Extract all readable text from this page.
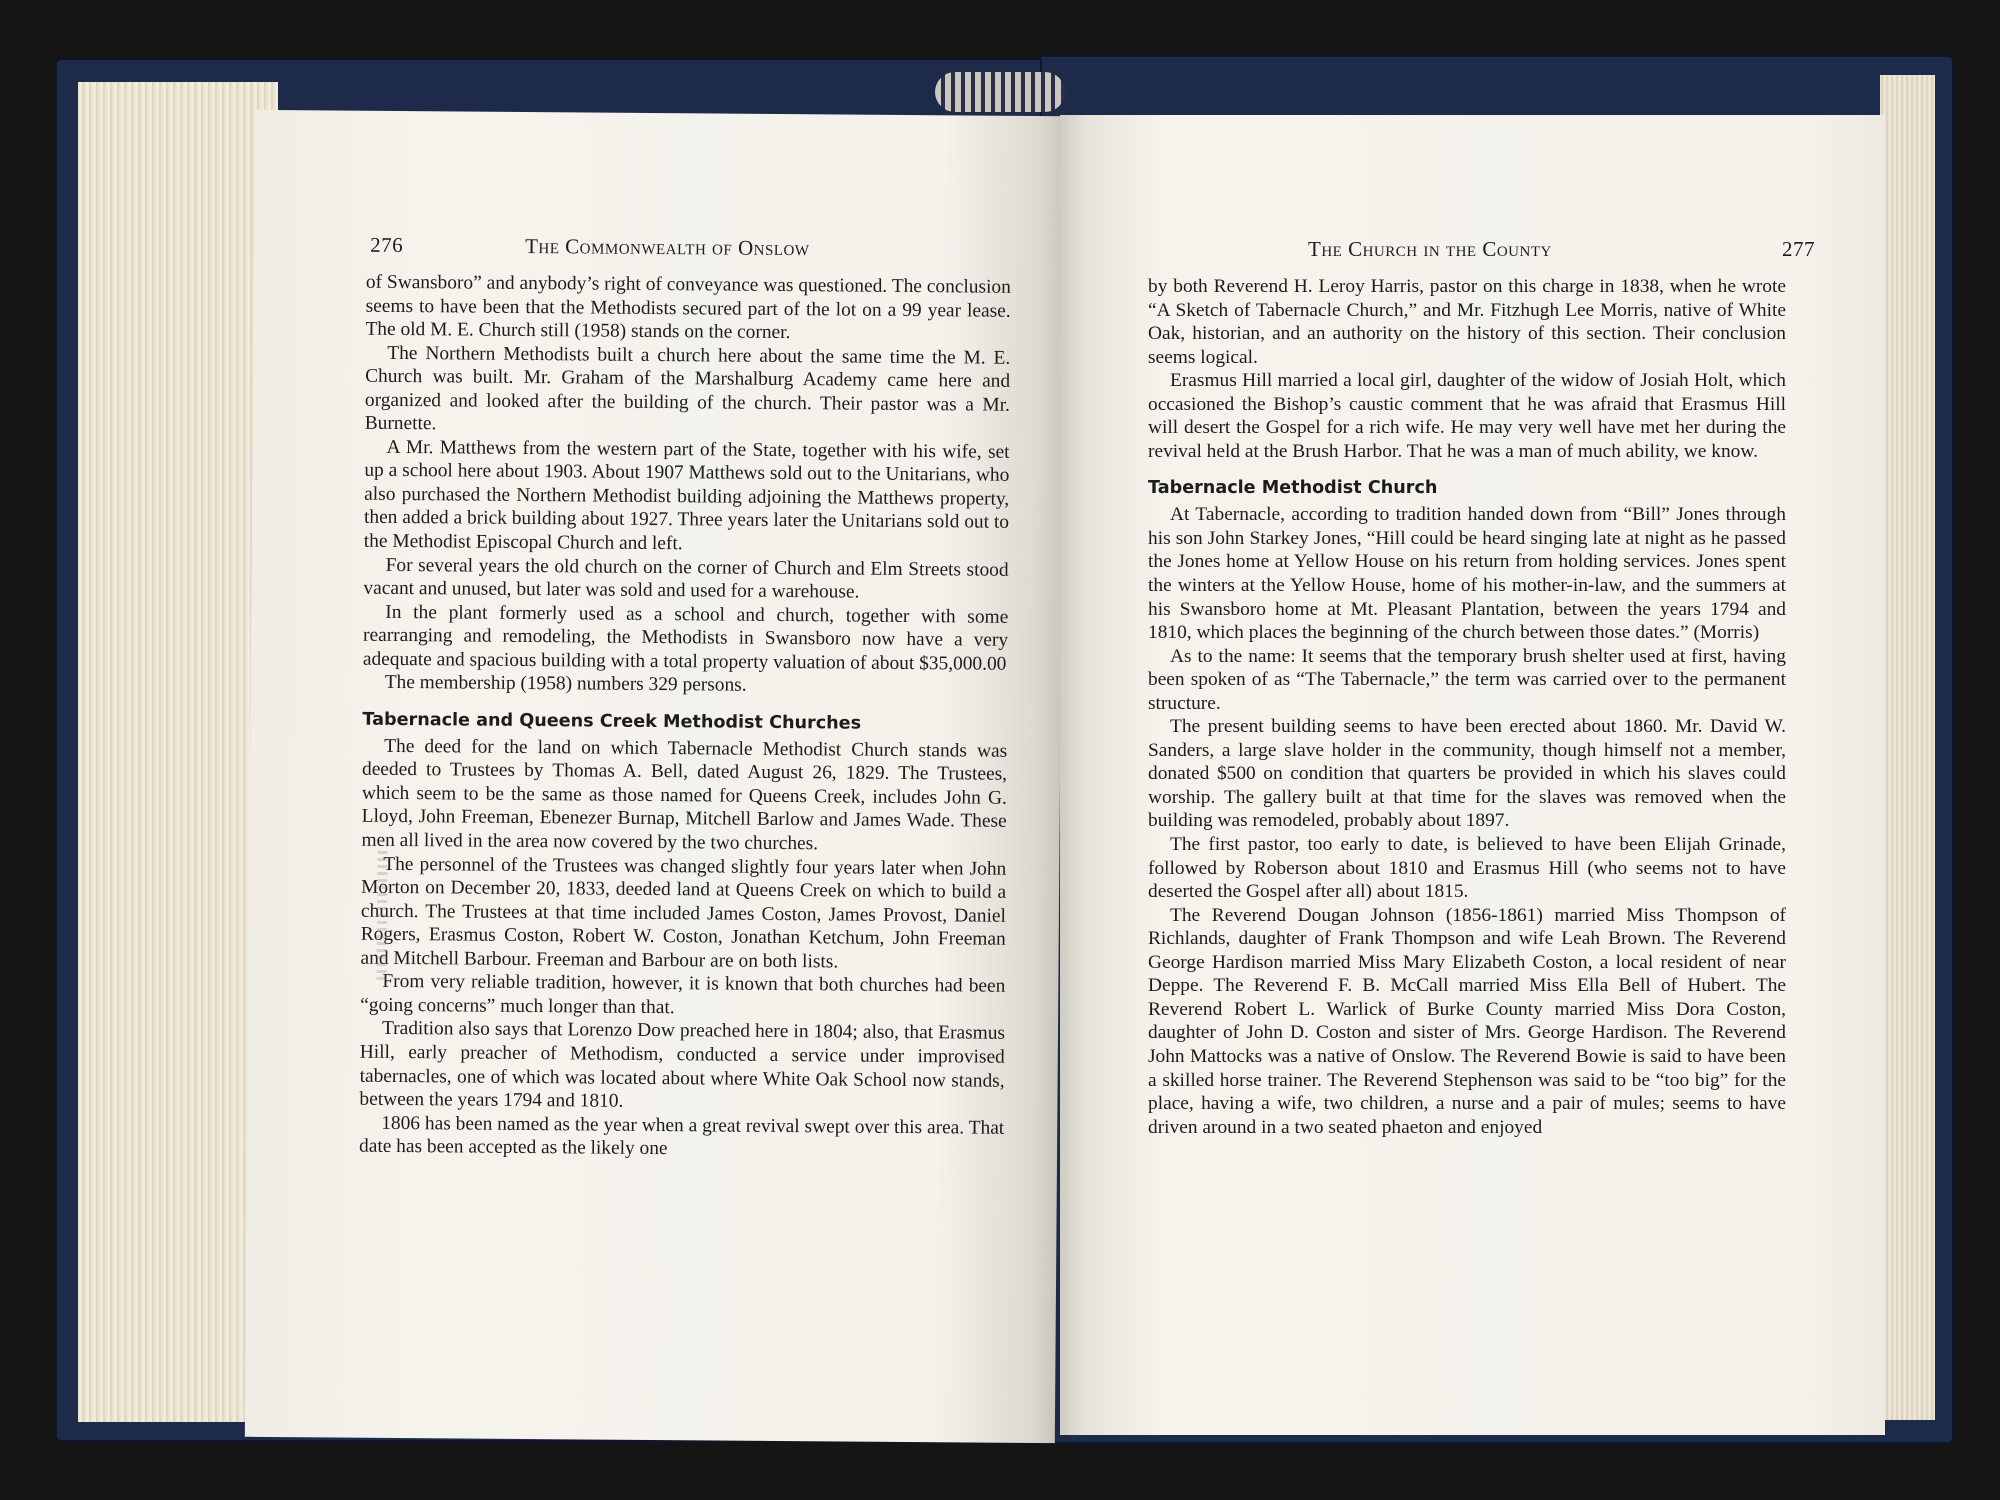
276	The Commonwealth of Onslow

of Swansboro” and anybody’s right of conveyance was questioned. The conclusion seems to have been that the Methodists secured part of the lot on a 99 year lease. The old M. E. Church still (1958) stands on the corner.

The Northern Methodists built a church here about the same time the M. E. Church was built. Mr. Graham of the Marshalburg Academy came here and organized and looked after the building of the church. Their pastor was a Mr. Burnette.

A Mr. Matthews from the western part of the State, together with his wife, set up a school here about 1903. About 1907 Matthews sold out to the Unitarians, who also purchased the Northern Methodist building adjoining the Matthews property, then added a brick building about 1927. Three years later the Unitarians sold out to the Methodist Episcopal Church and left.

For several years the old church on the corner of Church and Elm Streets stood vacant and unused, but later was sold and used for a warehouse.

In the plant formerly used as a school and church, together with some rearranging and remodeling, the Methodists in Swansboro now have a very adequate and spacious building with a total property valuation of about $35,000.00

The membership (1958) numbers 329 persons.

Tabernacle and Queens Creek Methodist Churches

The deed for the land on which Tabernacle Methodist Church stands was deeded to Trustees by Thomas A. Bell, dated August 26, 1829. The Trustees, which seem to be the same as those named for Queens Creek, includes John G. Lloyd, John Freeman, Ebenezer Burnap, Mitchell Barlow and James Wade. These men all lived in the area now covered by the two churches.

The personnel of the Trustees was changed slightly four years later when John Morton on December 20, 1833, deeded land at Queens Creek on which to build a church. The Trustees at that time included James Coston, James Provost, Daniel Rogers, Erasmus Coston, Robert W. Coston, Jonathan Ketchum, John Freeman and Mitchell Barbour. Freeman and Barbour are on both lists.

From very reliable tradition, however, it is known that both churches had been “going concerns” much longer than that.

Tradition also says that Lorenzo Dow preached here in 1804; also, that Erasmus Hill, early preacher of Methodism, conducted a service under improvised tabernacles, one of which was located about where White Oak School now stands, between the years 1794 and 1810.

1806 has been named as the year when a great revival swept over this area. That date has been accepted as the likely one

The Church in the County	277

by both Reverend H. Leroy Harris, pastor on this charge in 1838, when he wrote “A Sketch of Tabernacle Church,” and Mr. Fitzhugh Lee Morris, native of White Oak, historian, and an authority on the history of this section. Their conclusion seems logical.

Erasmus Hill married a local girl, daughter of the widow of Josiah Holt, which occasioned the Bishop’s caustic comment that he was afraid that Erasmus Hill will desert the Gospel for a rich wife. He may very well have met her during the revival held at the Brush Harbor. That he was a man of much ability, we know.

Tabernacle Methodist Church

At Tabernacle, according to tradition handed down from “Bill” Jones through his son John Starkey Jones, “Hill could be heard singing late at night as he passed the Jones home at Yellow House on his return from holding services. Jones spent the winters at the Yellow House, home of his mother-in-law, and the summers at his Swansboro home at Mt. Pleasant Plantation, between the years 1794 and 1810, which places the beginning of the church between those dates.” (Morris)

As to the name: It seems that the temporary brush shelter used at first, having been spoken of as “The Tabernacle,” the term was carried over to the permanent structure.

The present building seems to have been erected about 1860. Mr. David W. Sanders, a large slave holder in the community, though himself not a member, donated $500 on condition that quarters be provided in which his slaves could worship. The gallery built at that time for the slaves was removed when the building was remodeled, probably about 1897.

The first pastor, too early to date, is believed to have been Elijah Grinade, followed by Roberson about 1810 and Erasmus Hill (who seems not to have deserted the Gospel after all) about 1815.

The Reverend Dougan Johnson (1856-1861) married Miss Thompson of Richlands, daughter of Frank Thompson and wife Leah Brown. The Reverend George Hardison married Miss Mary Elizabeth Coston, a local resident of near Deppe. The Reverend F. B. McCall married Miss Ella Bell of Hubert. The Reverend Robert L. Warlick of Burke County married Miss Dora Coston, daughter of John D. Coston and sister of Mrs. George Hardison. The Reverend John Mattocks was a native of Onslow. The Reverend Bowie is said to have been a skilled horse trainer. The Reverend Stephenson was said to be “too big” for the place, having a wife, two children, a nurse and a pair of mules; seems to have driven around in a two seated phaeton and enjoyed
